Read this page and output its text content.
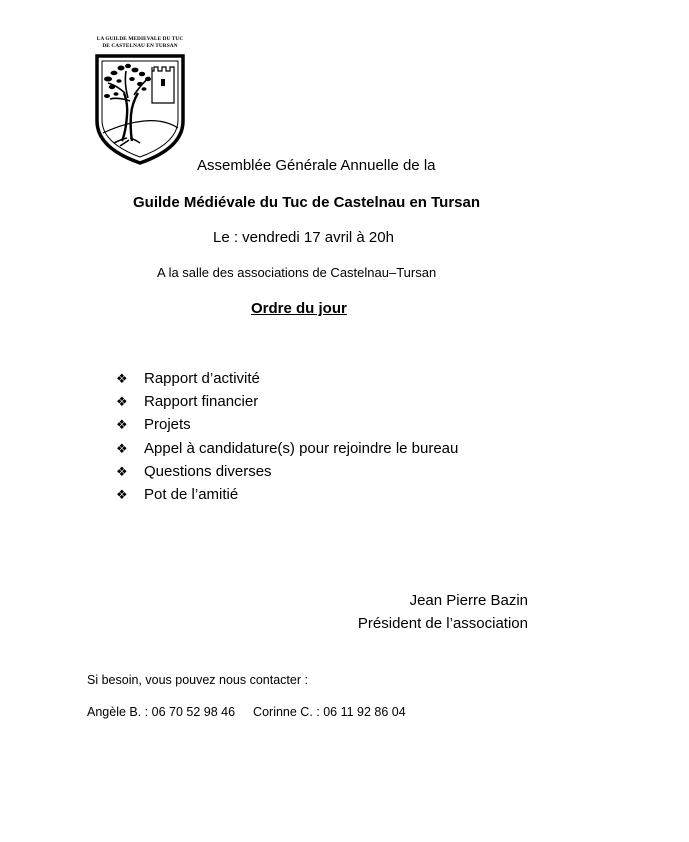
LA GUILDE MEDIEVALE DU TUC
DE CASTELNAU EN TURSAN
Assemblée Générale Annuelle de la
Guilde Médiévale du Tuc de Castelnau en Tursan
Le : vendredi 17 avril à 20h
A la salle des associations de Castelnau–Tursan
Ordre du jour
❖	Rapport d’activité
❖	Rapport financier
❖	Projets
❖	Appel à candidature(s) pour rejoindre le bureau
❖	Questions diverses
❖	Pot de l’amitié
Jean Pierre Bazin
Président de l’association
Si besoin, vous pouvez nous contacter :
Angèle B. : 06 70 52 98 46 Corinne C. : 06 11 92 86 04
